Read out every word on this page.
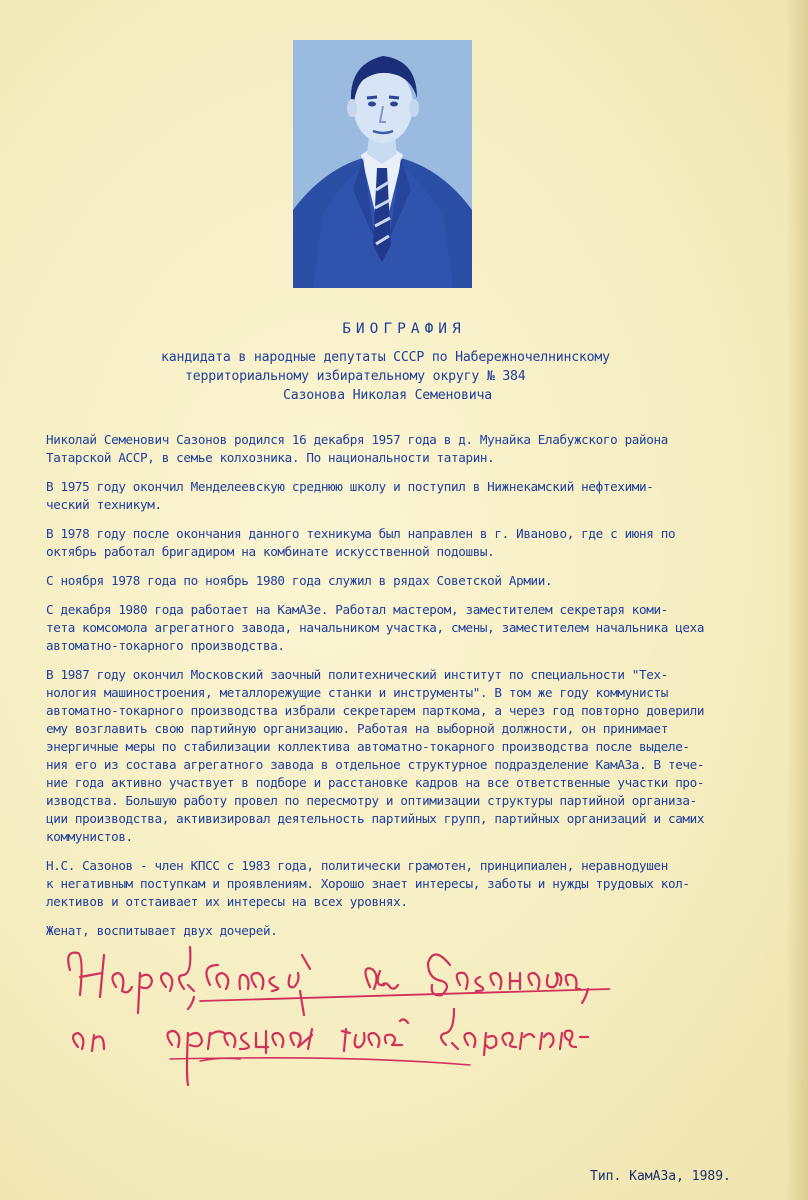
БИОГРАФИЯ
кандидата в народные депутаты СССР по Набережночелнинскому
территориальному избирательному округу № 384
Сазонова Николая Семеновича
Николай Семенович Сазонов родился 16 декабря 1957 года в д. Мунайка Елабужского района
Татарской АССР, в семье колхозника. По национальности татарин.
В 1975 году окончил Менделеевскую среднюю школу и поступил в Нижнекамский нефтехими-
ческий техникум.
В 1978 году после окончания данного техникума был направлен в г. Иваново, где с июня по
октябрь работал бригадиром на комбинате искусственной подошвы.
С ноября 1978 года по ноябрь 1980 года служил в рядах Советской Армии.
С декабря 1980 года работает на КамАЗе. Работал мастером, заместителем секретаря коми-
тета комсомола агрегатного завода, начальником участка, смены, заместителем начальника цеха
автоматно-токарного производства.
В 1987 году окончил Московский заочный политехнический институт по специальности "Тех-
нология машиностроения, металлорежущие станки и инструменты". В том же году коммунисты
автоматно-токарного производства избрали секретарем парткома, а через год повторно доверили
ему возглавить свою партийную организацию. Работая на выборной должности, он принимает
энергичные меры по стабилизации коллектива автоматно-токарного производства после выделе-
ния его из состава агрегатного завода в отдельное структурное подразделение КамАЗа. В тече-
ние года активно участвует в подборе и расстановке кадров на все ответственные участки про-
изводства. Большую работу провел по пересмотру и оптимизации структуры партийной организа-
ции производства, активизировал деятельность партийных групп, партийных организаций и самих
коммунистов.
Н.С. Сазонов - член КПСС с 1983 года, политически грамотен, принципиален, неравнодушен
к негативным поступкам и проявлениям. Хорошо знает интересы, заботы и нужды трудовых кол-
лективов и отстаивает их интересы на всех уровнях.
Женат, воспитывает двух дочерей.
Тип. КамАЗа, 1989.
